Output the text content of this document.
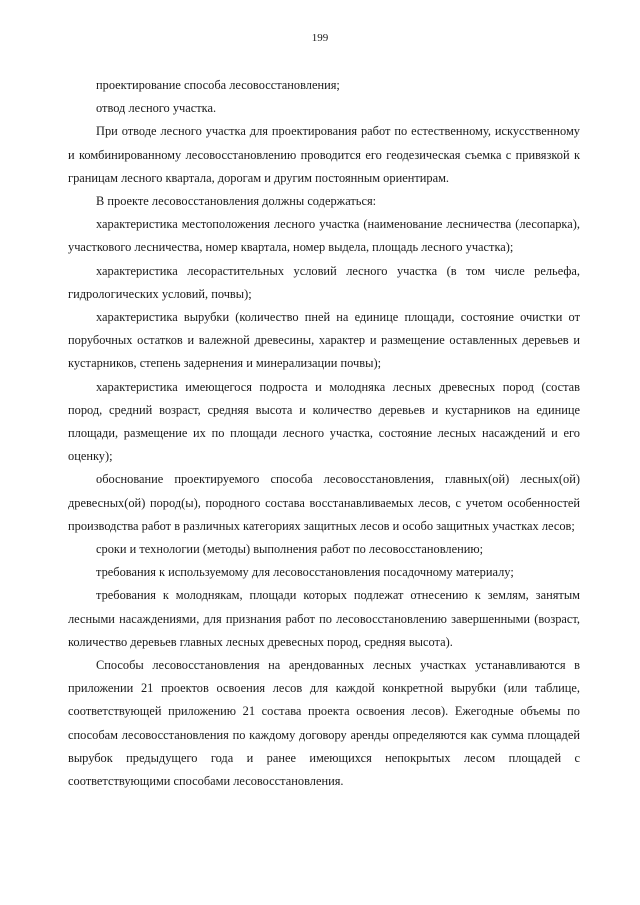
199

проектирование способа лесовосстановления;

отвод лесного участка.

При отводе лесного участка для проектирования работ по естественному, искусственному и комбинированному лесовосстановлению проводится его геодезическая съемка с привязкой к границам лесного квартала, дорогам и другим постоянным ориентирам.

В проекте лесовосстановления должны содержаться:

характеристика местоположения лесного участка (наименование лесничества (лесопарка), участкового лесничества, номер квартала, номер выдела, площадь лесного участка);

характеристика лесорастительных условий лесного участка (в том числе рельефа, гидрологических условий, почвы);

характеристика вырубки (количество пней на единице площади, состояние очистки от порубочных остатков и валежной древесины, характер и размещение оставленных деревьев и кустарников, степень задернения и минерализации почвы);

характеристика имеющегося подроста и молодняка лесных древесных пород (состав пород, средний возраст, средняя высота и количество деревьев и кустарников на единице площади, размещение их по площади лесного участка, состояние лесных насаждений и его оценку);

обоснование проектируемого способа лесовосстановления, главных(ой) лесных(ой) древесных(ой) пород(ы), породного состава восстанавливаемых лесов, с учетом особенностей производства работ в различных категориях защитных лесов и особо защитных участках лесов;

сроки и технологии (методы) выполнения работ по лесовосстановлению;

требования к используемому для лесовосстановления посадочному материалу;

требования к молоднякам, площади которых подлежат отнесению к землям, занятым лесными насаждениями, для признания работ по лесовосстановлению завершенными (возраст, количество деревьев главных лесных древесных пород, средняя высота).

Способы лесовосстановления на арендованных лесных участках устанавливаются в приложении 21 проектов освоения лесов для каждой конкретной вырубки (или таблице, соответствующей приложению 21 состава проекта освоения лесов). Ежегодные объемы по способам лесовосстановления по каждому договору аренды определяются как сумма площадей вырубок предыдущего года и ранее имеющихся непокрытых лесом площадей с соответствующими способами лесовосстановления.
